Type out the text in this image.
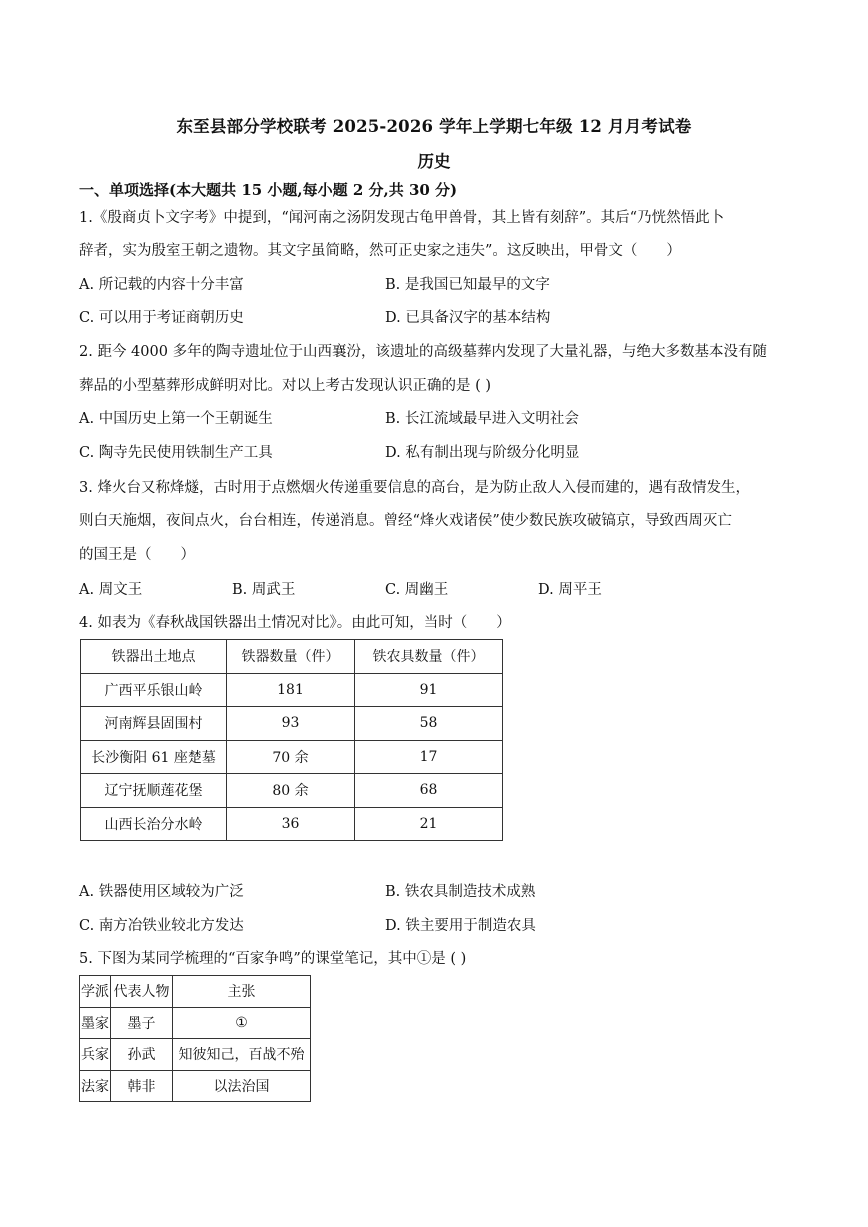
东至县部分学校联考 2025-2026 学年上学期七年级 12 月月考试卷
历史
一、单项选择(本大题共 15 小题,每小题 2 分,共 30 分)
1.《殷商贞卜文字考》中提到，“闻河南之汤阴发现古龟甲兽骨，其上皆有刻辞”。其后“乃恍然悟此卜
辞者，实为殷室王朝之遗物。其文字虽简略，然可正史家之违失”。这反映出，甲骨文（　　）
A. 所记载的内容十分丰富	B. 是我国已知最早的文字
C. 可以用于考证商朝历史	D. 已具备汉字的基本结构
2. 距今 4000 多年的陶寺遗址位于山西襄汾，该遗址的高级墓葬内发现了大量礼器，与绝大多数基本没有随
葬品的小型墓葬形成鲜明对比。对以上考古发现认识正确的是 ( )
A. 中国历史上第一个王朝诞生	B. 长江流域最早进入文明社会
C. 陶寺先民使用铁制生产工具	D. 私有制出现与阶级分化明显
3. 烽火台又称烽燧，古时用于点燃烟火传递重要信息的高台，是为防止敌人入侵而建的，遇有敌情发生，
则白天施烟，夜间点火，台台相连，传递消息。曾经“烽火戏诸侯”使少数民族攻破镐京，导致西周灭亡
的国王是（　　）
A. 周文王	B. 周武王	C. 周幽王	D. 周平王
4. 如表为《春秋战国铁器出土情况对比》。由此可知，当时（　　）
铁器出土地点	铁器数量（件）	铁农具数量（件）
广西平乐银山岭	181	91
河南辉县固围村	93	58
长沙衡阳 61 座楚墓	70 余	17
辽宁抚顺莲花堡	80 余	68
山西长治分水岭	36	21
A. 铁器使用区域较为广泛	B. 铁农具制造技术成熟
C. 南方冶铁业较北方发达	D. 铁主要用于制造农具
5. 下图为某同学梳理的“百家争鸣”的课堂笔记，其中①是 ( )
学派	代表人物	主张
墨家	墨子	①
兵家	孙武	知彼知己，百战不殆
法家	韩非	以法治国
